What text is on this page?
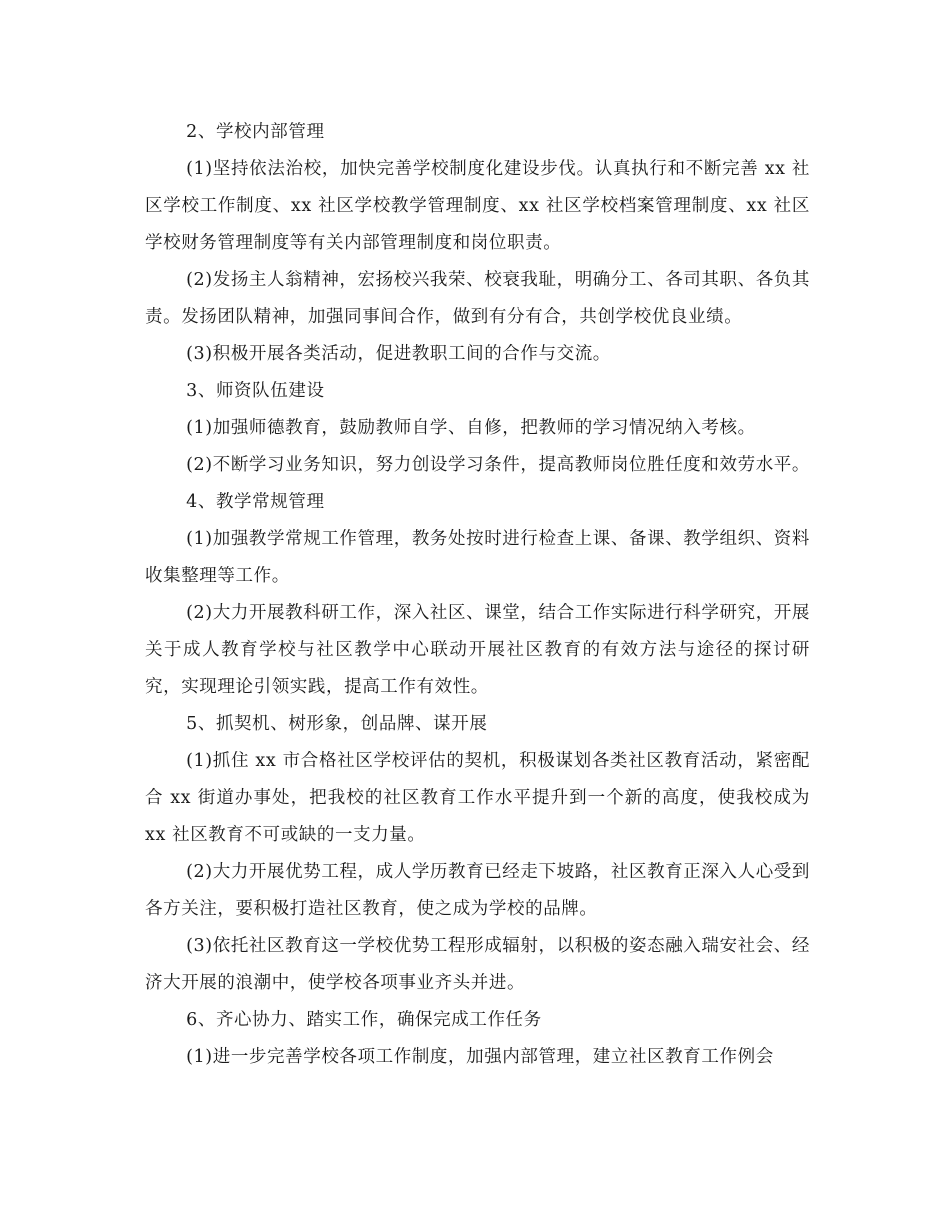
2、学校内部管理

(1)坚持依法治校，加快完善学校制度化建设步伐。认真执行和不断完善 xx 社区学校工作制度、xx 社区学校教学管理制度、xx 社区学校档案管理制度、xx 社区学校财务管理制度等有关内部管理制度和岗位职责。

(2)发扬主人翁精神，宏扬校兴我荣、校衰我耻，明确分工、各司其职、各负其责。发扬团队精神，加强同事间合作，做到有分有合，共创学校优良业绩。

(3)积极开展各类活动，促进教职工间的合作与交流。

3、师资队伍建设

(1)加强师德教育，鼓励教师自学、自修，把教师的学习情况纳入考核。

(2)不断学习业务知识，努力创设学习条件，提高教师岗位胜任度和效劳水平。

4、教学常规管理

(1)加强教学常规工作管理，教务处按时进行检查上课、备课、教学组织、资料收集整理等工作。

(2)大力开展教科研工作，深入社区、课堂，结合工作实际进行科学研究，开展关于成人教育学校与社区教学中心联动开展社区教育的有效方法与途径的探讨研究，实现理论引领实践，提高工作有效性。

5、抓契机、树形象，创品牌、谋开展

(1)抓住 xx 市合格社区学校评估的契机，积极谋划各类社区教育活动，紧密配合 xx 街道办事处，把我校的社区教育工作水平提升到一个新的高度，使我校成为 xx 社区教育不可或缺的一支力量。

(2)大力开展优势工程，成人学历教育已经走下坡路，社区教育正深入人心受到各方关注，要积极打造社区教育，使之成为学校的品牌。

(3)依托社区教育这一学校优势工程形成辐射，以积极的姿态融入瑞安社会、经济大开展的浪潮中，使学校各项事业齐头并进。

6、齐心协力、踏实工作，确保完成工作任务

(1)进一步完善学校各项工作制度，加强内部管理，建立社区教育工作例会
